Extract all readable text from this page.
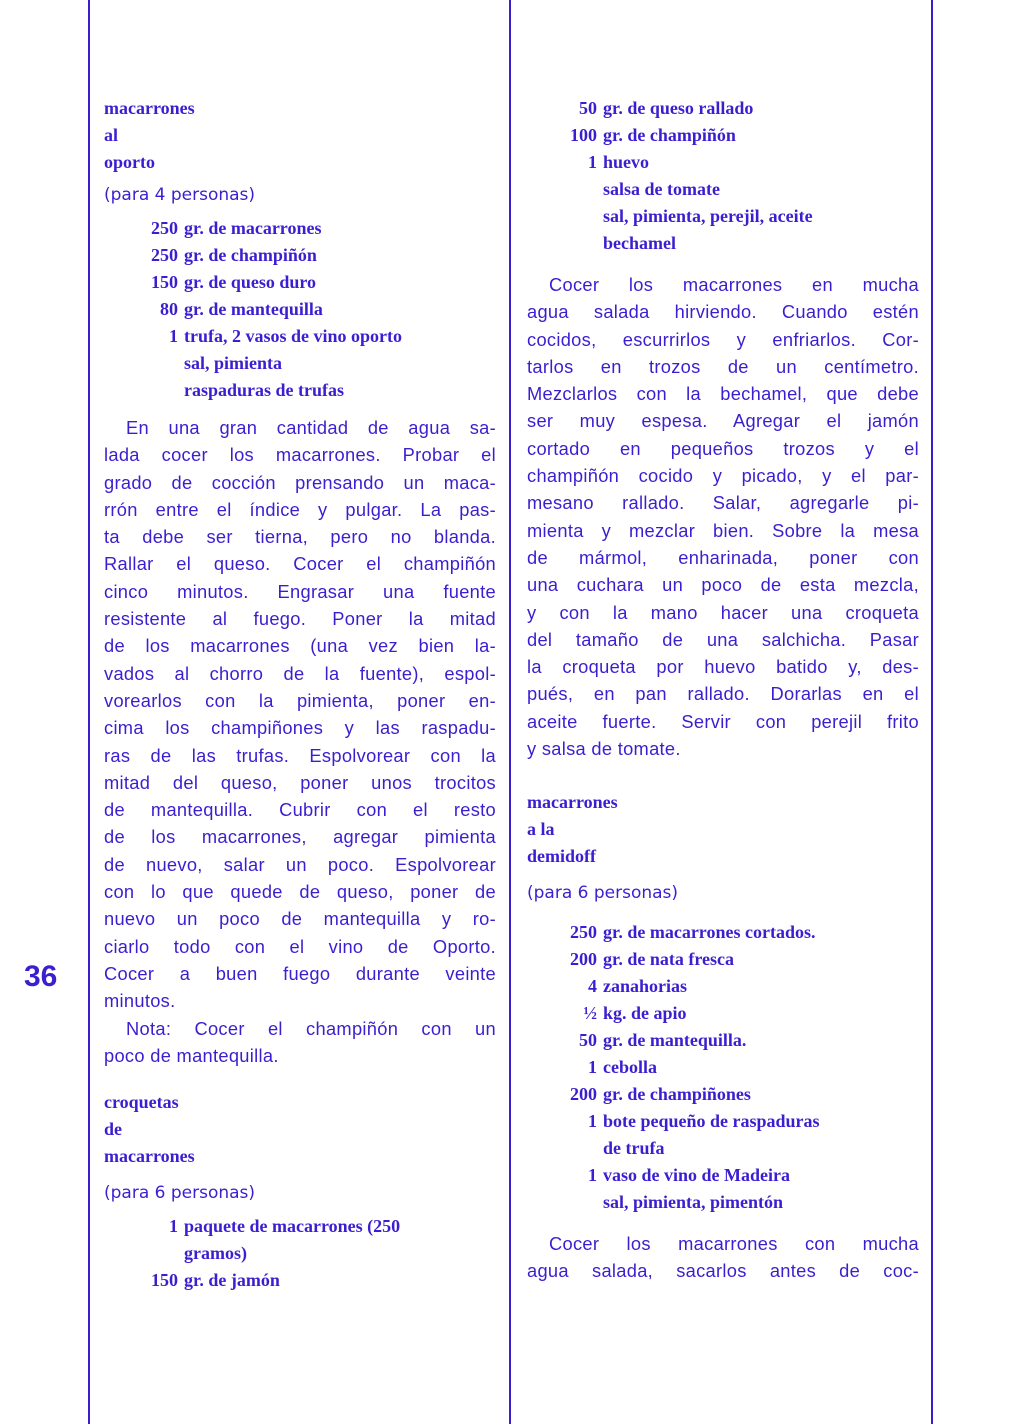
36
macarrones
al
oporto
(para 4 personas)
250 gr. de macarrones
250 gr. de champiñón
150 gr. de queso duro
80 gr. de mantequilla
1 trufa, 2 vasos de vino oporto
sal, pimienta
raspaduras de trufas
En una gran cantidad de agua sa-
lada cocer los macarrones. Probar el
grado de cocción prensando un maca-
rrón entre el índice y pulgar. La pas-
ta debe ser tierna, pero no blanda.
Rallar el queso. Cocer el champiñón
cinco minutos. Engrasar una fuente
resistente al fuego. Poner la mitad
de los macarrones (una vez bien la-
vados al chorro de la fuente), espol-
vorearlos con la pimienta, poner en-
cima los champiñones y las raspadu-
ras de las trufas. Espolvorear con la
mitad del queso, poner unos trocitos
de mantequilla. Cubrir con el resto
de los macarrones, agregar pimienta
de nuevo, salar un poco. Espolvorear
con lo que quede de queso, poner de
nuevo un poco de mantequilla y ro-
ciarlo todo con el vino de Oporto.
Cocer a buen fuego durante veinte
minutos.
Nota: Cocer el champiñón con un
poco de mantequilla.
croquetas
de
macarrones
(para 6 personas)
1 paquete de macarrones (250
gramos)
150 gr. de jamón
50 gr. de queso rallado
100 gr. de champiñón
1 huevo
salsa de tomate
sal, pimienta, perejil, aceite
bechamel
Cocer los macarrones en mucha
agua salada hirviendo. Cuando estén
cocidos, escurrirlos y enfriarlos. Cor-
tarlos en trozos de un centímetro.
Mezclarlos con la bechamel, que debe
ser muy espesa. Agregar el jamón
cortado en pequeños trozos y el
champiñón cocido y picado, y el par-
mesano rallado. Salar, agregarle pi-
mienta y mezclar bien. Sobre la mesa
de mármol, enharinada, poner con
una cuchara un poco de esta mezcla,
y con la mano hacer una croqueta
del tamaño de una salchicha. Pasar
la croqueta por huevo batido y, des-
pués, en pan rallado. Dorarlas en el
aceite fuerte. Servir con perejil frito
y salsa de tomate.
macarrones
a la
demidoff
(para 6 personas)
250 gr. de macarrones cortados.
200 gr. de nata fresca
4 zanahorias
½ kg. de apio
50 gr. de mantequilla.
1 cebolla
200 gr. de champiñones
1 bote pequeño de raspaduras
de trufa
1 vaso de vino de Madeira
sal, pimienta, pimentón
Cocer los macarrones con mucha
agua salada, sacarlos antes de coc-
